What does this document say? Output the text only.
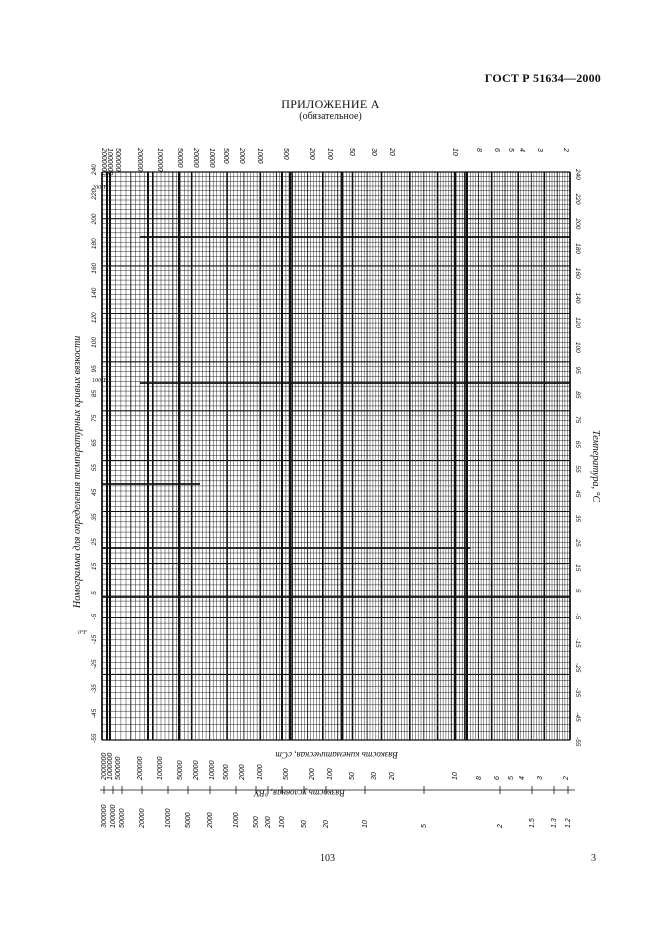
ГОСТ Р 51634—2000
ПРИЛОЖЕНИЕ А
(обязательное)
300000 100000 50000 20000	10000 5000 2000	1000 500 200 100 50 20	10	5	2	1.5 1.3 1.2
2000000 1000000 500000 200000 100000 50000 20000 10000 5000 2000 1000	500	200 100 50 30 20	10 8 6 5 4 3	2
2000000 1000000 500000 200000 100000 50000 20000 10000 5000 2000 1000	500	200 100 50 30 20	10 8 6 5 4 3	2
-55	-55
-45	-45
-35	-35
-25	-25
-15	-15
-5	-5
5
5
15	15
25	25
35	35
45	45
55	55
65	65
75	75
85	85
95	95
100	100
120	120
140	140
160	160
180	180
200	200
220	220
240	240
Номограмма для определения температурных кривых вязкости	Температура, °С
Вязкость кинематическая, сСт
Вязкость условная, °ВУ
0°F
100°F
200°F
103	3
